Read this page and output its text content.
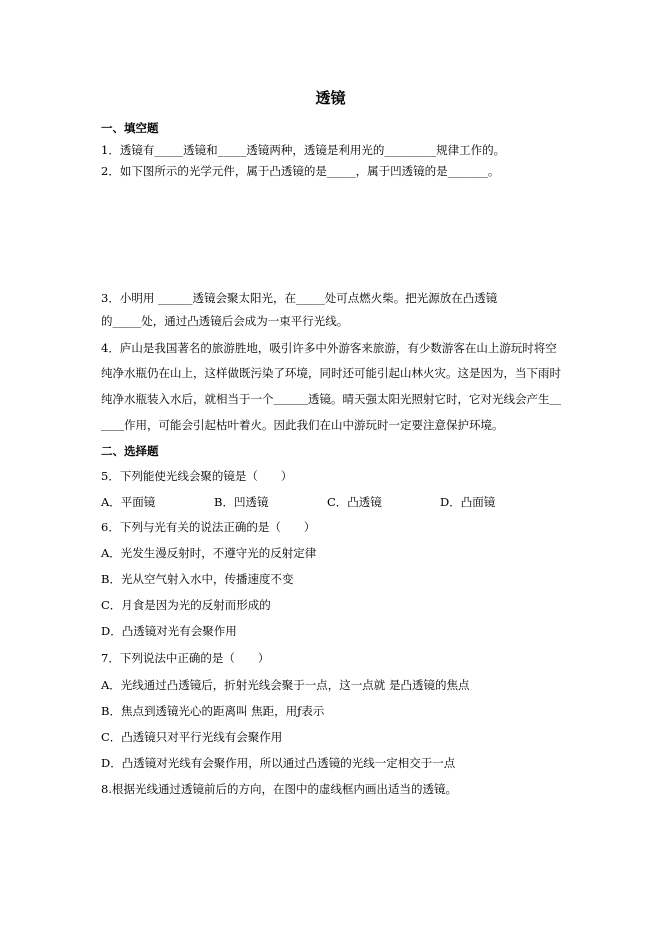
透镜
一、填空题
1．透镜有_____透镜和_____透镜两种，透镜是利用光的_________规律工作的。
2．如下图所示的光学元件，属于凸透镜的是_____，属于凹透镜的是_______。
3．小明用 ______透镜会聚太阳光，在_____处可点燃火柴。把光源放在凸透镜
的_____处，通过凸透镜后会成为一束平行光线。
4．庐山是我国著名的旅游胜地，吸引许多中外游客来旅游，有少数游客在山上游玩时将空
纯净水瓶仍在山上，这样做既污染了环境，同时还可能引起山林火灾。这是因为，当下雨时
纯净水瓶装入水后，就相当于一个＿＿＿透镜。晴天强太阳光照射它时，它对光线会产生＿
＿＿作用，可能会引起枯叶着火。因此我们在山中游玩时一定要注意保护环境。
二、选择题
5．下列能使光线会聚的镜是（　　）
A．平面镜	B．凹透镜	C．凸透镜	D．凸面镜
6．下列与光有关的说法正确的是（　　）
A．光发生漫反射时，不遵守光的反射定律
B．光从空气射入水中，传播速度不变
C．月食是因为光的反射而形成的
D．凸透镜对光有会聚作用
7．下列说法中正确的是（　　）
A．光线通过凸透镜后，折射光线会聚于一点，这一点就 是凸透镜的焦点
B．焦点到透镜光心的距离叫 焦距，用ƒ表示
C．凸透镜只对平行光线有会聚作用
D．凸透镜对光线有会聚作用，所以通过凸透镜的光线一定相交于一点
8.根据光线通过透镜前后的方向，在图中的虚线框内画出适当的透镜。
